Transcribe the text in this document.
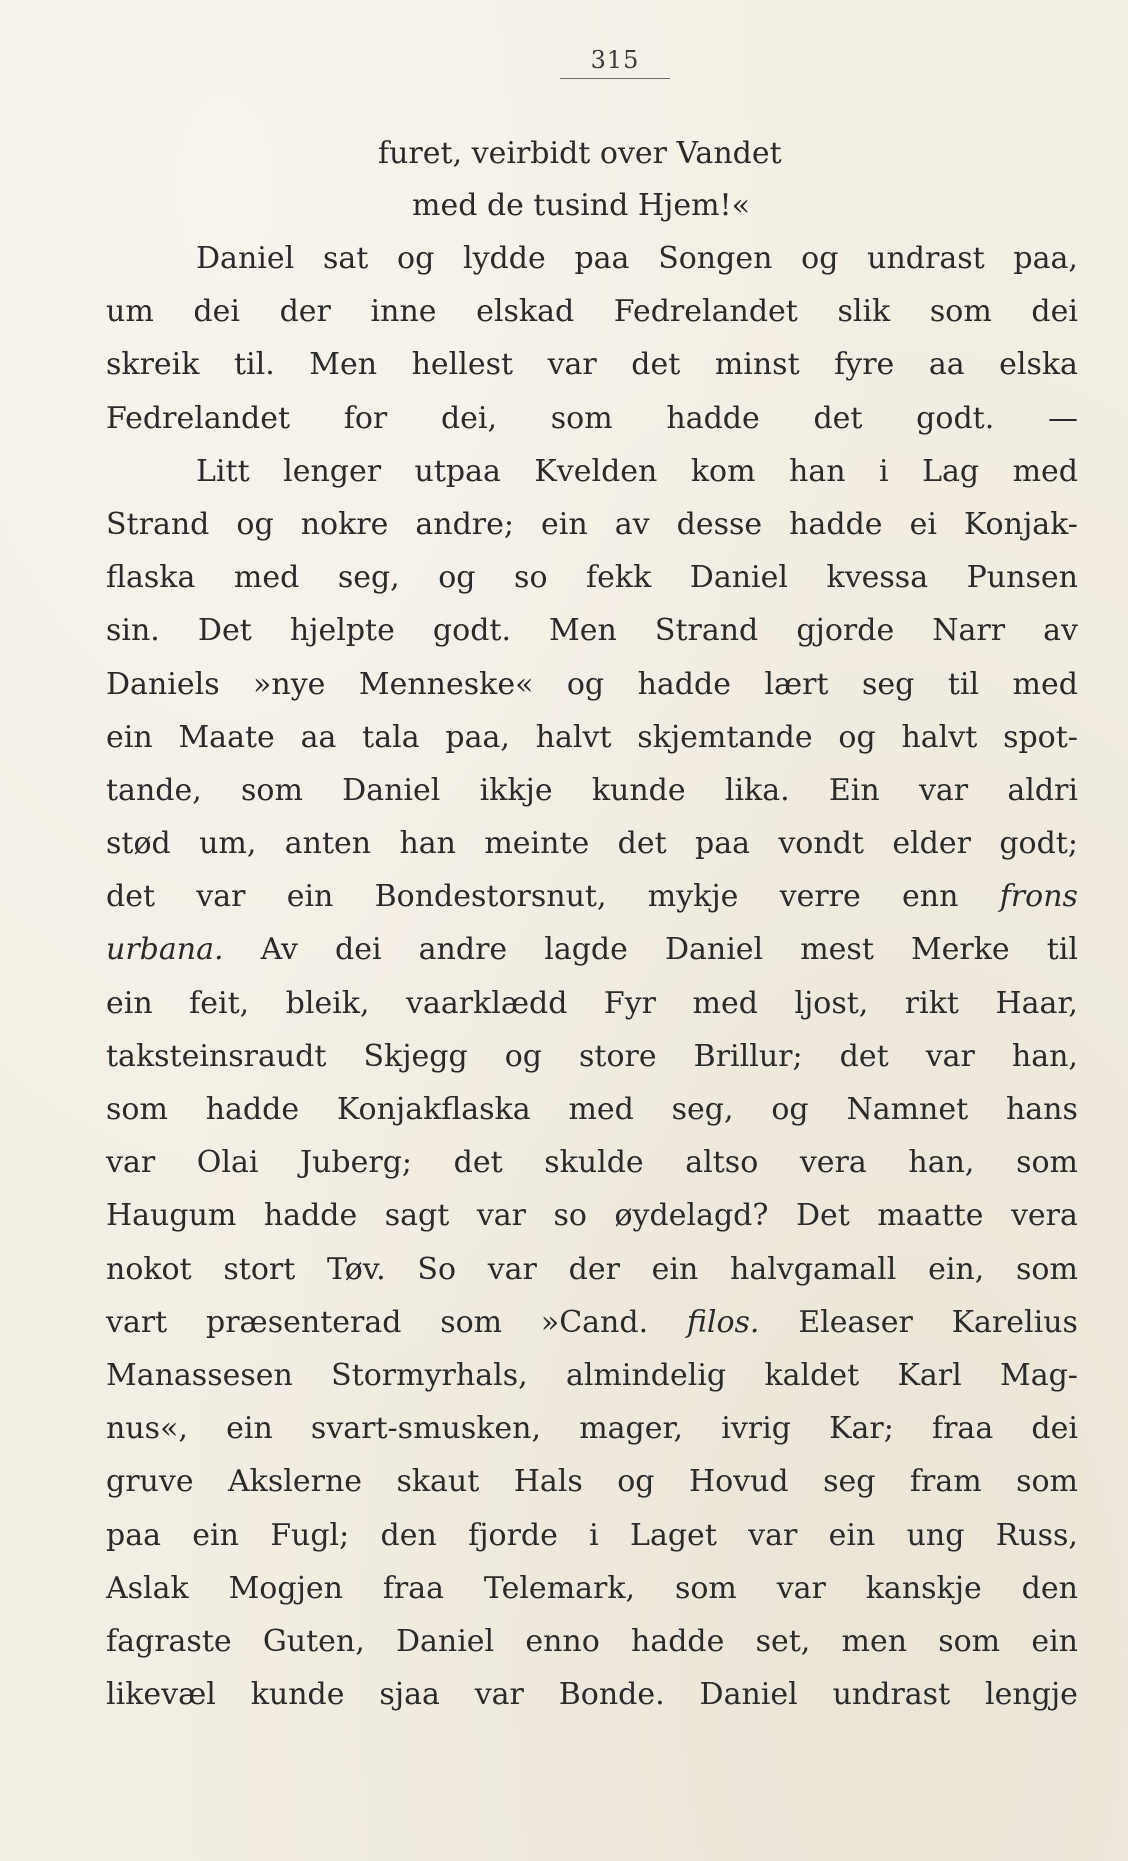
315
furet, veirbidt over Vandet
med de tusind Hjem!«
Daniel sat og lydde paa Songen og undrast paa,
um dei der inne elskad Fedrelandet slik som dei
skreik til. Men hellest var det minst fyre aa elska
Fedrelandet for dei, som hadde det godt. —
Litt lenger utpaa Kvelden kom han i Lag med
Strand og nokre andre; ein av desse hadde ei Konjak-
flaska med seg, og so fekk Daniel kvessa Punsen
sin. Det hjelpte godt. Men Strand gjorde Narr av
Daniels »nye Menneske« og hadde lært seg til med
ein Maate aa tala paa, halvt skjemtande og halvt spot-
tande, som Daniel ikkje kunde lika. Ein var aldri
stød um, anten han meinte det paa vondt elder godt;
det var ein Bondestorsnut, mykje verre enn frons
urbana. Av dei andre lagde Daniel mest Merke til
ein feit, bleik, vaarklædd Fyr med ljost, rikt Haar,
taksteinsraudt Skjegg og store Brillur; det var han,
som hadde Konjakflaska med seg, og Namnet hans
var Olai Juberg; det skulde altso vera han, som
Haugum hadde sagt var so øydelagd? Det maatte vera
nokot stort Tøv. So var der ein halvgamall ein, som
vart præsenterad som »Cand. filos. Eleaser Karelius
Manassesen Stormyrhals, almindelig kaldet Karl Mag-
nus«, ein svart-smusken, mager, ivrig Kar; fraa dei
gruve Akslerne skaut Hals og Hovud seg fram som
paa ein Fugl; den fjorde i Laget var ein ung Russ,
Aslak Mogjen fraa Telemark, som var kanskje den
fagraste Guten, Daniel enno hadde set, men som ein
likevæl kunde sjaa var Bonde. Daniel undrast lengje
